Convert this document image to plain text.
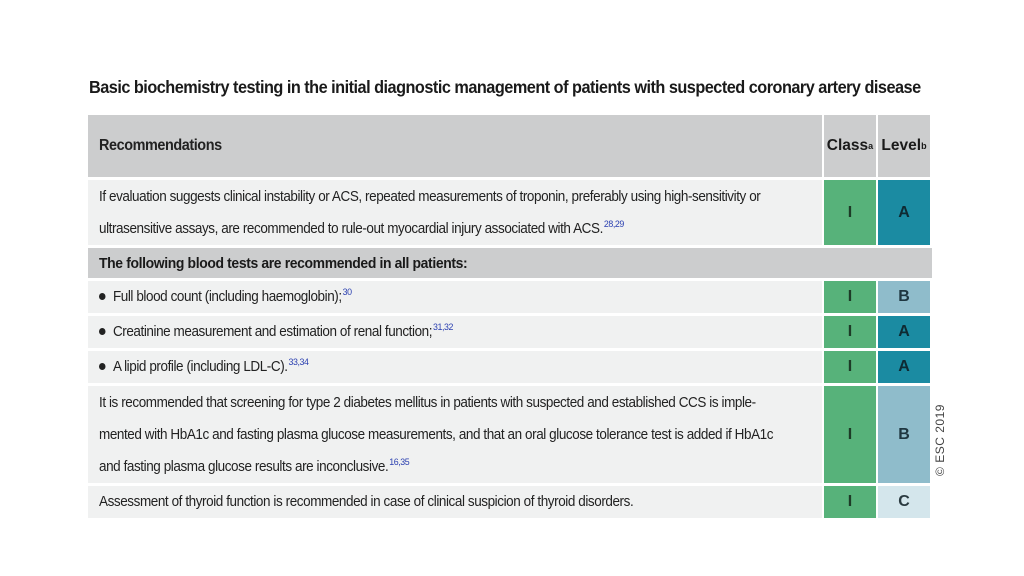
Basic biochemistry testing in the initial diagnostic management of patients with suspected coronary artery disease
Recommendations	Class a Level b
If evaluation suggests clinical instability or ACS, repeated measurements of troponin, preferably using high-sensitivity or
ultrasensitive assays, are recommended to rule-out myocardial injury associated with ACS.$^{28,29}$
I	A
The following blood tests are recommended in all patients:
Full blood count (including haemoglobin);$^{30}$	I	B
Creatinine measurement and estimation of renal function;$^{31,32}$	I	A
A lipid profile (including LDL-C).$^{33,34}$	I	A
It is recommended that screening for type 2 diabetes mellitus in patients with suspected and established CCS is imple-
mented with HbA1c and fasting plasma glucose measurements, and that an oral glucose tolerance test is added if HbA1c
and fasting plasma glucose results are inconclusive.$^{16,35}$
I	B
Assessment of thyroid function is recommended in case of clinical suspicion of thyroid disorders.	I	C
© ESC 2019
